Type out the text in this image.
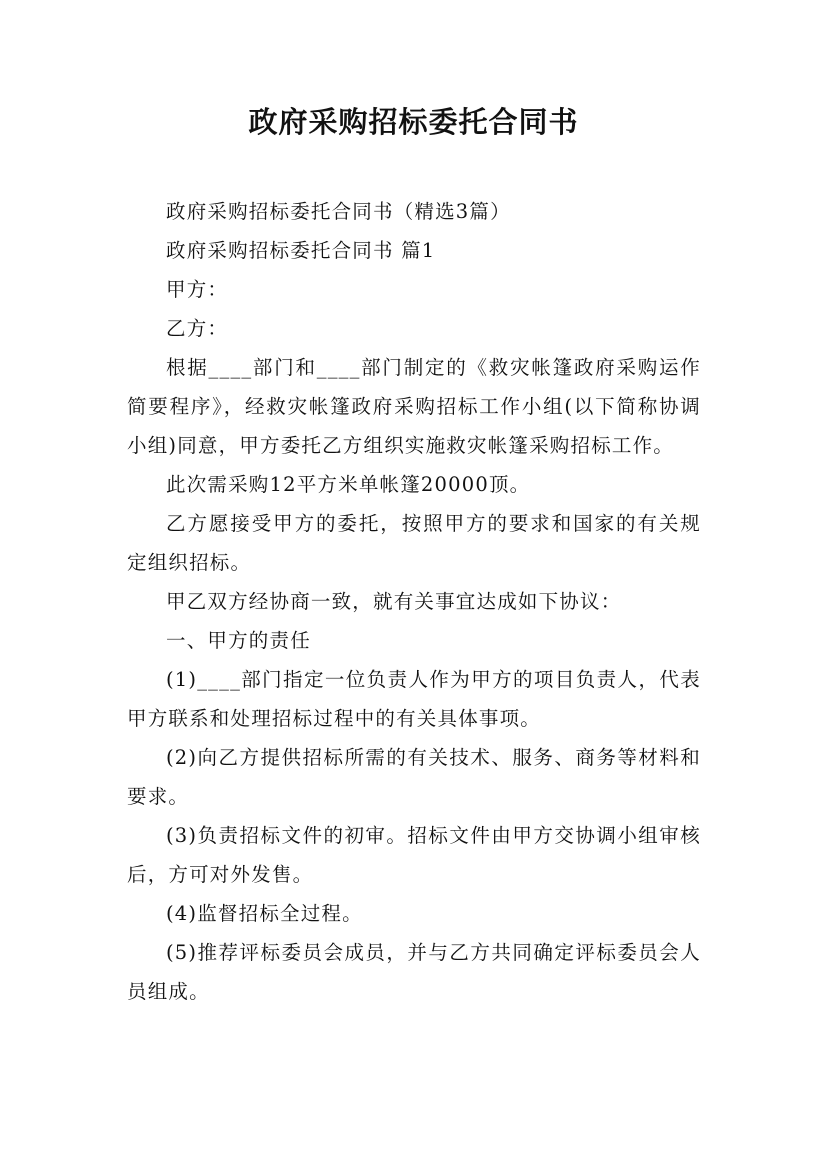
政府采购招标委托合同书

政府采购招标委托合同书（精选3篇）

政府采购招标委托合同书 篇1

甲方：

乙方：

根据____部门和____部门制定的《救灾帐篷政府采购运作简要程序》，经救灾帐篷政府采购招标工作小组(以下简称协调小组)同意，甲方委托乙方组织实施救灾帐篷采购招标工作。

此次需采购12平方米单帐篷20000顶。

乙方愿接受甲方的委托，按照甲方的要求和国家的有关规定组织招标。

甲乙双方经协商一致，就有关事宜达成如下协议：

一、甲方的责任

(1)____部门指定一位负责人作为甲方的项目负责人，代表甲方联系和处理招标过程中的有关具体事项。

(2)向乙方提供招标所需的有关技术、服务、商务等材料和要求。

(3)负责招标文件的初审。招标文件由甲方交协调小组审核后，方可对外发售。

(4)监督招标全过程。

(5)推荐评标委员会成员，并与乙方共同确定评标委员会人员组成。
